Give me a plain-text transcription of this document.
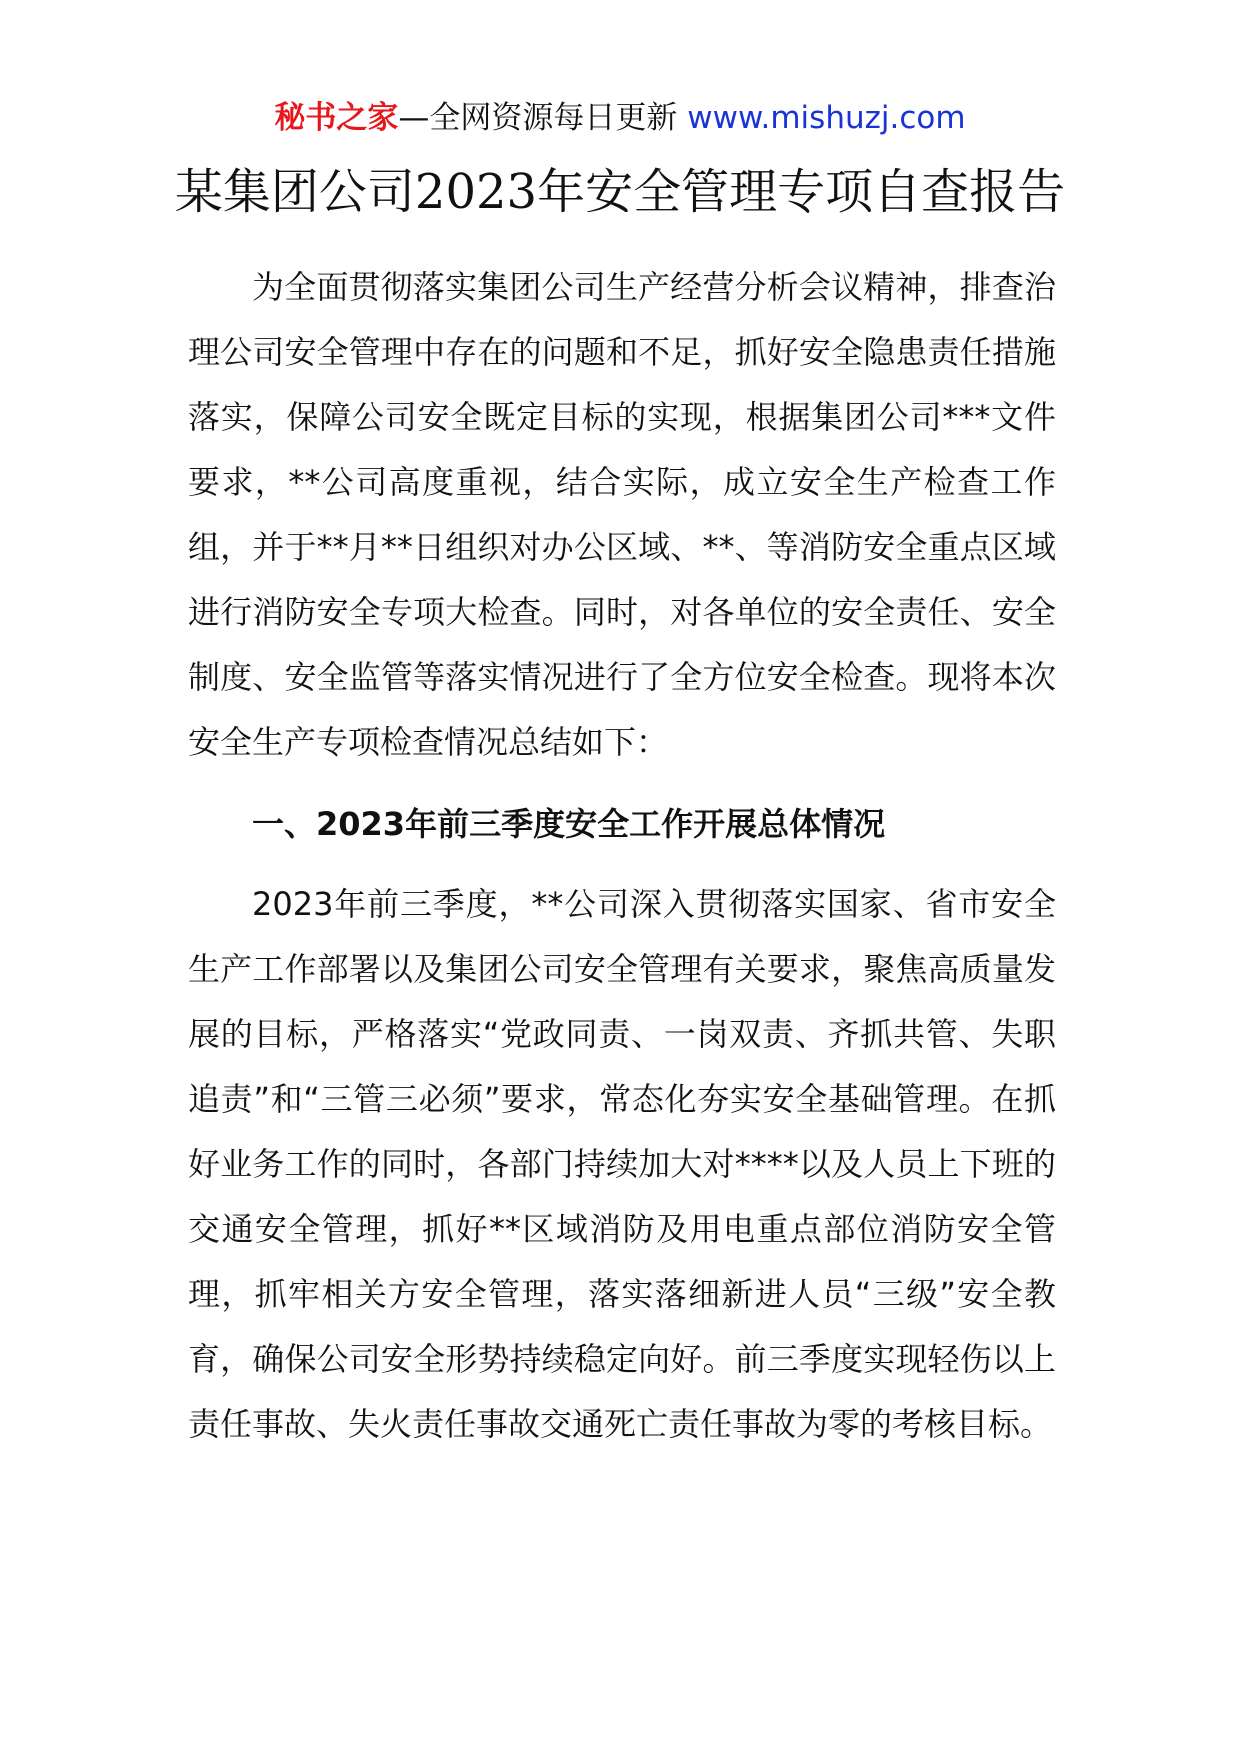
秘书之家—全网资源每日更新 www.mishuzj.com
某集团公司2023年安全管理专项自查报告

为全面贯彻落实集团公司生产经营分析会议精神，排查治理公司安全管理中存在的问题和不足，抓好安全隐患责任措施落实，保障公司安全既定目标的实现，根据集团公司***文件要求，**公司高度重视，结合实际，成立安全生产检查工作组，并于**月**日组织对办公区域、**、等消防安全重点区域进行消防安全专项大检查。同时，对各单位的安全责任、安全制度、安全监管等落实情况进行了全方位安全检查。现将本次安全生产专项检查情况总结如下：

一、2023年前三季度安全工作开展总体情况

2023年前三季度，**公司深入贯彻落实国家、省市安全生产工作部署以及集团公司安全管理有关要求，聚焦高质量发展的目标，严格落实“党政同责、一岗双责、齐抓共管、失职追责”和“三管三必须”要求，常态化夯实安全基础管理。在抓好业务工作的同时，各部门持续加大对****以及人员上下班的交通安全管理，抓好**区域消防及用电重点部位消防安全管理，抓牢相关方安全管理，落实落细新进人员“三级”安全教育，确保公司安全形势持续稳定向好。前三季度实现轻伤以上责任事故、失火责任事故交通死亡责任事故为零的考核目标。
